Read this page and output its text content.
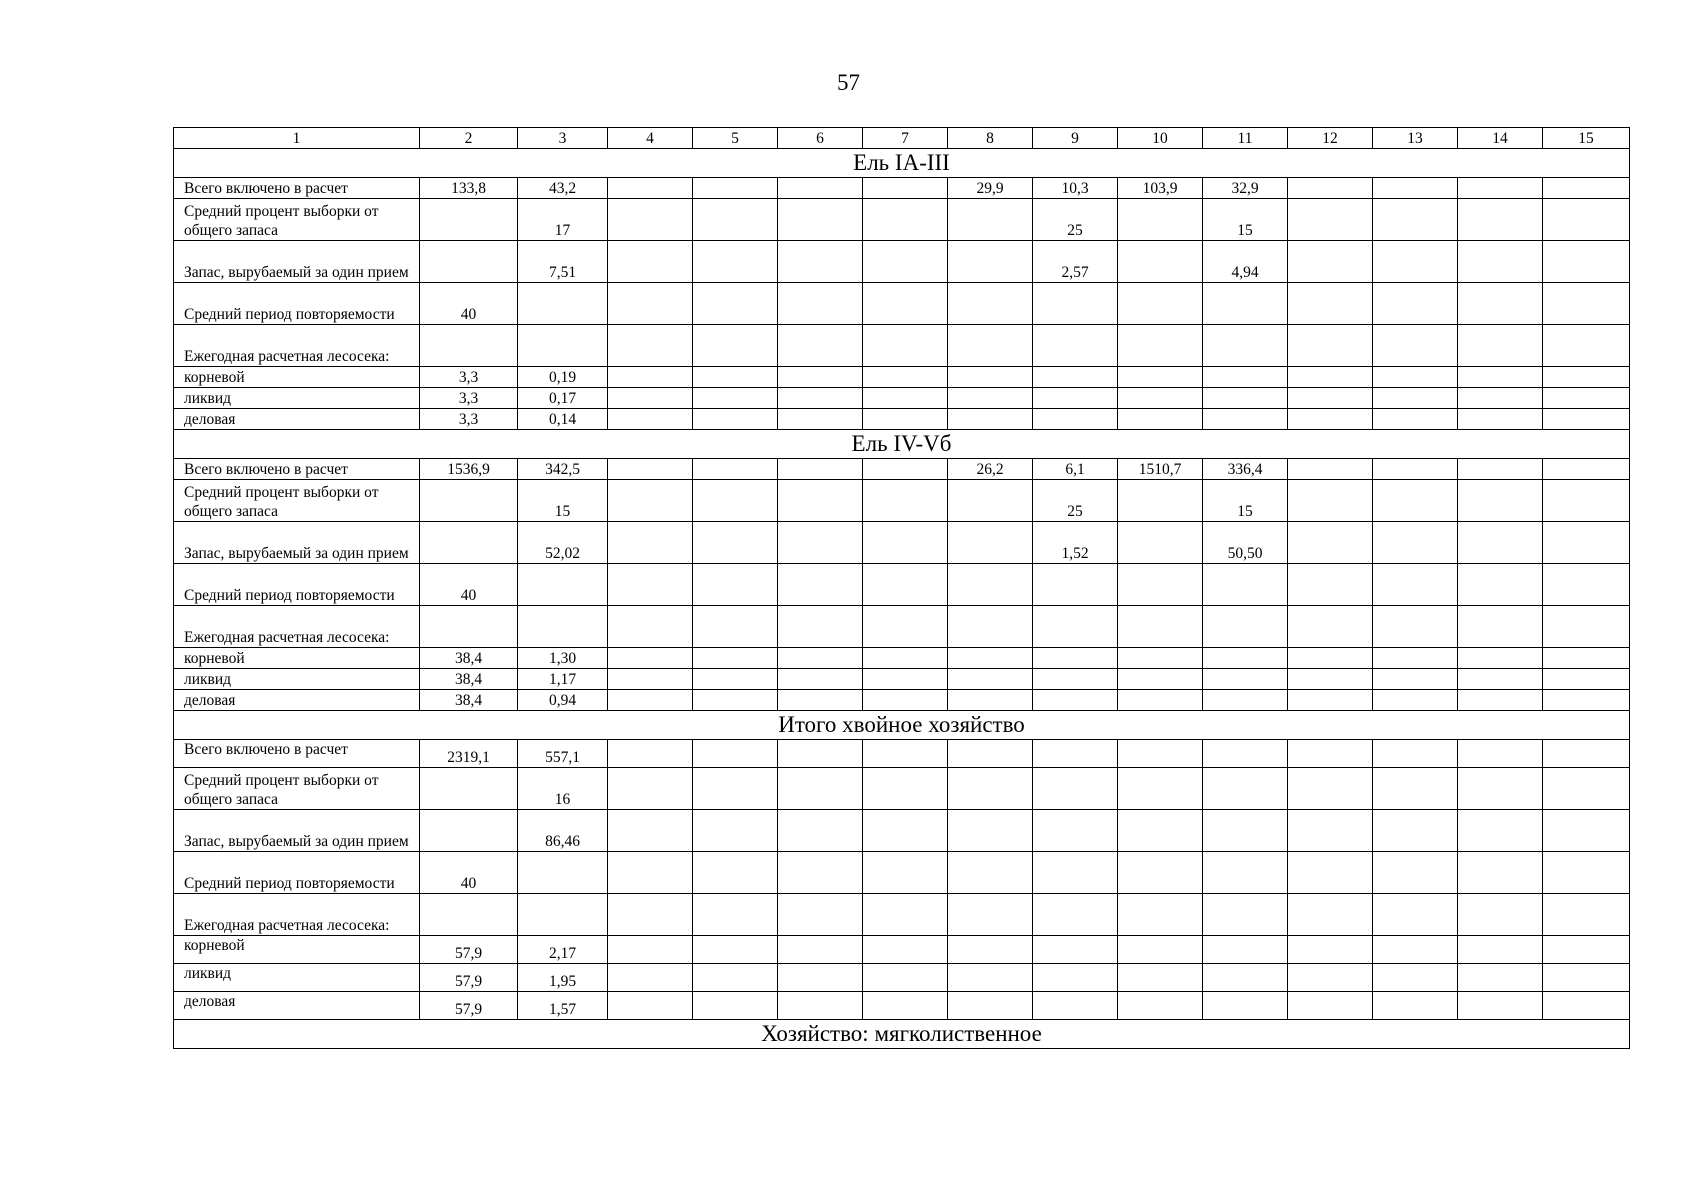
57
1	2	3	4	5	6	7	8	9	10	11	12	13	14	15
Ель IA-III														
Всего включено в расчет	133,8	43,2					29,9	10,3	103,9	32,9				
Средний процент выборки от общего запаса		17						25		15				
Запас, вырубаемый за один прием		7,51						2,57		4,94				
Средний период повторяемости	40													
Ежегодная расчетная лесосека:														
корневой	3,3	0,19												
ликвид	3,3	0,17												
деловая	3,3	0,14												
Ель IV-Vб														
Всего включено в расчет	1536,9	342,5					26,2	6,1	1510,7	336,4				
Средний процент выборки от общего запаса		15						25		15				
Запас, вырубаемый за один прием		52,02						1,52		50,50				
Средний период повторяемости	40													
Ежегодная расчетная лесосека:														
корневой	38,4	1,30												
ликвид	38,4	1,17												
деловая	38,4	0,94												
Итого хвойное хозяйство														
Всего включено в расчет	2319,1	557,1												
Средний процент выборки от общего запаса		16												
Запас, вырубаемый за один прием		86,46												
Средний период повторяемости	40													
Ежегодная расчетная лесосека:														
корневой	57,9	2,17												
ликвид	57,9	1,95												
деловая	57,9	1,57												
Хозяйство: мягколиственное														
